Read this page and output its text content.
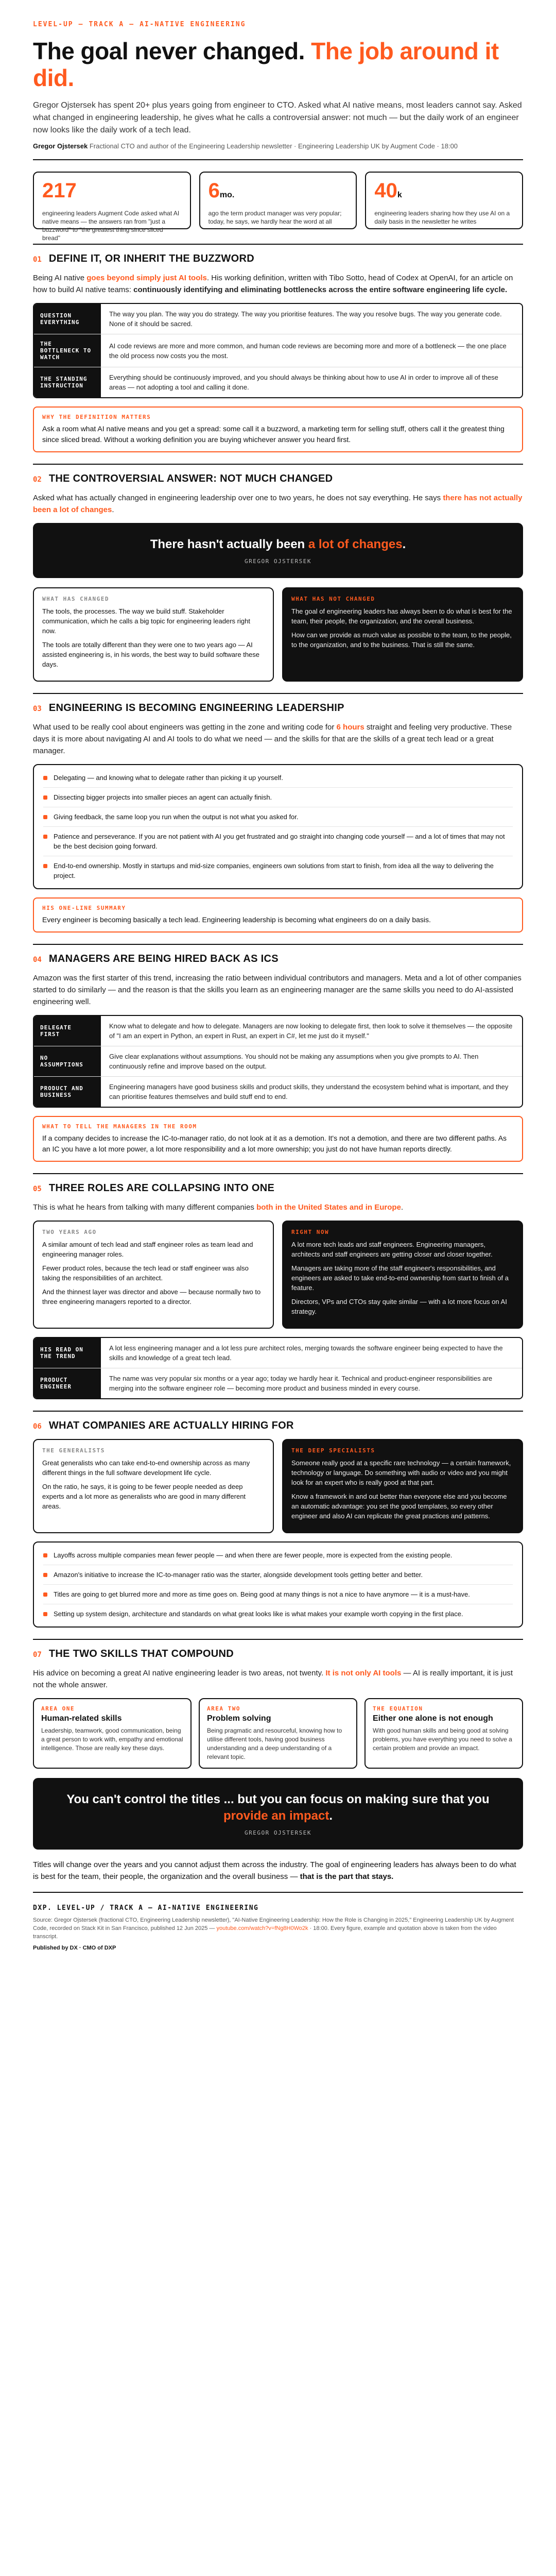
LEVEL-UP — TRACK A — AI-NATIVE ENGINEERING
The goal never changed. The job around it did.

Gregor Ojstersek has spent 20+ plus years going from engineer to CTO. Asked what AI native means, most leaders cannot say. Asked what changed in engineering leadership, he gives what he calls a controversial answer: not much — but the daily work of an engineer now looks like the daily work of a tech lead.

Gregor Ojstersek Fractional CTO and author of the Engineering Leadership newsletter · Engineering Leadership UK by Augment Code · 18:00

217

engineering leaders Augment Code asked what AI native means — the answers ran from "just a buzzword" to "the greatest thing since sliced bread"

6mo.

ago the term product manager was very popular; today, he says, we hardly hear the word at all

40k

engineering leaders sharing how they use AI on a daily basis in the newsletter he writes

01 DEFINE IT, OR INHERIT THE BUZZWORD

Being AI native goes beyond simply just AI tools. His working definition, written with Tibo Sotto, head of Codex at OpenAI, for an article on how to build AI native teams: continuously identifying and eliminating bottlenecks across the entire software engineering life cycle.

QUESTION EVERYTHING
The way you plan. The way you do strategy. The way you prioritise features. The way you resolve bugs. The way you generate code. None of it should be sacred.
THE BOTTLENECK TO WATCH
AI code reviews are more and more common, and human code reviews are becoming more and more of a bottleneck — the one place the old process now costs you the most.
THE STANDING INSTRUCTION
Everything should be continuously improved, and you should always be thinking about how to use AI in order to improve all of these areas — not adopting a tool and calling it done.
WHY THE DEFINITION MATTERS

Ask a room what AI native means and you get a spread: some call it a buzzword, a marketing term for selling stuff, others call it the greatest thing since sliced bread. Without a working definition you are buying whichever answer you heard first.

02 THE CONTROVERSIAL ANSWER: NOT MUCH CHANGED

Asked what has actually changed in engineering leadership over one to two years, he does not say everything. He says there has not actually been a lot of changes.

There hasn't actually been a lot of changes.
GREGOR OJSTERSEK
WHAT HAS CHANGED

The tools, the processes. The way we build stuff. Stakeholder communication, which he calls a big topic for engineering leaders right now.

The tools are totally different than they were one to two years ago — AI assisted engineering is, in his words, the best way to build software these days.

WHAT HAS NOT CHANGED

The goal of engineering leaders has always been to do what is best for the team, their people, the organization, and the overall business.

How can we provide as much value as possible to the team, to the people, to the organization, and to the business. That is still the same.

03 ENGINEERING IS BECOMING ENGINEERING LEADERSHIP

What used to be really cool about engineers was getting in the zone and writing code for 6 hours straight and feeling very productive. These days it is more about navigating AI and AI tools to do what we need — and the skills for that are the skills of a great tech lead or a great manager.

Delegating — and knowing what to delegate rather than picking it up yourself.
Dissecting bigger projects into smaller pieces an agent can actually finish.
Giving feedback, the same loop you run when the output is not what you asked for.
Patience and perseverance. If you are not patient with AI you get frustrated and go straight into changing code yourself — and a lot of times that may not be the best decision going forward.
End-to-end ownership. Mostly in startups and mid-size companies, engineers own solutions from start to finish, from idea all the way to delivering the project.
HIS ONE-LINE SUMMARY

Every engineer is becoming basically a tech lead. Engineering leadership is becoming what engineers do on a daily basis.

04 MANAGERS ARE BEING HIRED BACK AS ICS

Amazon was the first starter of this trend, increasing the ratio between individual contributors and managers. Meta and a lot of other companies started to do similarly — and the reason is that the skills you learn as an engineering manager are the same skills you need to do AI-assisted engineering well.

DELEGATE FIRST
Know what to delegate and how to delegate. Managers are now looking to delegate first, then look to solve it themselves — the opposite of "I am an expert in Python, an expert in Rust, an expert in C#, let me just do it myself."
NO ASSUMPTIONS
Give clear explanations without assumptions. You should not be making any assumptions when you give prompts to AI. Then continuously refine and improve based on the output.
PRODUCT AND BUSINESS
Engineering managers have good business skills and product skills, they understand the ecosystem behind what is important, and they can prioritise features themselves and build stuff end to end.
WHAT TO TELL THE MANAGERS IN THE ROOM

If a company decides to increase the IC-to-manager ratio, do not look at it as a demotion. It's not a demotion, and there are two different paths. As an IC you have a lot more power, a lot more responsibility and a lot more ownership; you just do not have human reports directly.

05 THREE ROLES ARE COLLAPSING INTO ONE

This is what he hears from talking with many different companies both in the United States and in Europe.

TWO YEARS AGO

A similar amount of tech lead and staff engineer roles as team lead and engineering manager roles.

Fewer product roles, because the tech lead or staff engineer was also taking the responsibilities of an architect.

And the thinnest layer was director and above — because normally two to three engineering managers reported to a director.

RIGHT NOW

A lot more tech leads and staff engineers. Engineering managers, architects and staff engineers are getting closer and closer together.

Managers are taking more of the staff engineer's responsibilities, and engineers are asked to take end-to-end ownership from start to finish of a feature.

Directors, VPs and CTOs stay quite similar — with a lot more focus on AI strategy.

HIS READ ON THE TREND
A lot less engineering manager and a lot less pure architect roles, merging towards the software engineer being expected to have the skills and knowledge of a great tech lead.
PRODUCT ENGINEER
The name was very popular six months or a year ago; today we hardly hear it. Technical and product-engineer responsibilities are merging into the software engineer role — becoming more product and business minded in every course.
06 WHAT COMPANIES ARE ACTUALLY HIRING FOR
THE GENERALISTS

Great generalists who can take end-to-end ownership across as many different things in the full software development life cycle.

On the ratio, he says, it is going to be fewer people needed as deep experts and a lot more as generalists who are good in many different areas.

THE DEEP SPECIALISTS

Someone really good at a specific rare technology — a certain framework, technology or language. Do something with audio or video and you might look for an expert who is really good at that part.

Know a framework in and out better than everyone else and you become an automatic advantage: you set the good templates, so every other engineer and also AI can replicate the great practices and patterns.

Layoffs across multiple companies mean fewer people — and when there are fewer people, more is expected from the existing people.
Amazon's initiative to increase the IC-to-manager ratio was the starter, alongside development tools getting better and better.
Titles are going to get blurred more and more as time goes on. Being good at many things is not a nice to have anymore — it is a must-have.
Setting up system design, architecture and standards on what great looks like is what makes your example worth copying in the first place.
07 THE TWO SKILLS THAT COMPOUND

His advice on becoming a great AI native engineering leader is two areas, not twenty. It is not only AI tools — AI is really important, it is just not the whole answer.

AREA ONE
Human-related skills

Leadership, teamwork, good communication, being a great person to work with, empathy and emotional intelligence. Those are really key these days.

AREA TWO
Problem solving

Being pragmatic and resourceful, knowing how to utilise different tools, having good business understanding and a deep understanding of a relevant topic.

THE EQUATION
Either one alone is not enough

With good human skills and being good at solving problems, you have everything you need to solve a certain problem and provide an impact.

You can't control the titles ... but you can focus on making sure that you provide an impact.
GREGOR OJSTERSEK

Titles will change over the years and you cannot adjust them across the industry. The goal of engineering leaders has always been to do what is best for the team, their people, the organization and the overall business — that is the part that stays.

DXP. LEVEL-UP / TRACK A — AI-NATIVE ENGINEERING

Source: Gregor Ojstersek (fractional CTO, Engineering Leadership newsletter), "AI-Native Engineering Leadership: How the Role is Changing in 2025," Engineering Leadership UK by Augment Code, recorded on Stack Kit in San Francisco, published 12 Jun 2025 — youtube.com/watch?v=fNg8H0Wo2k · 18:00. Every figure, example and quotation above is taken from the video transcript.

Published by DX · CMO of DXP
